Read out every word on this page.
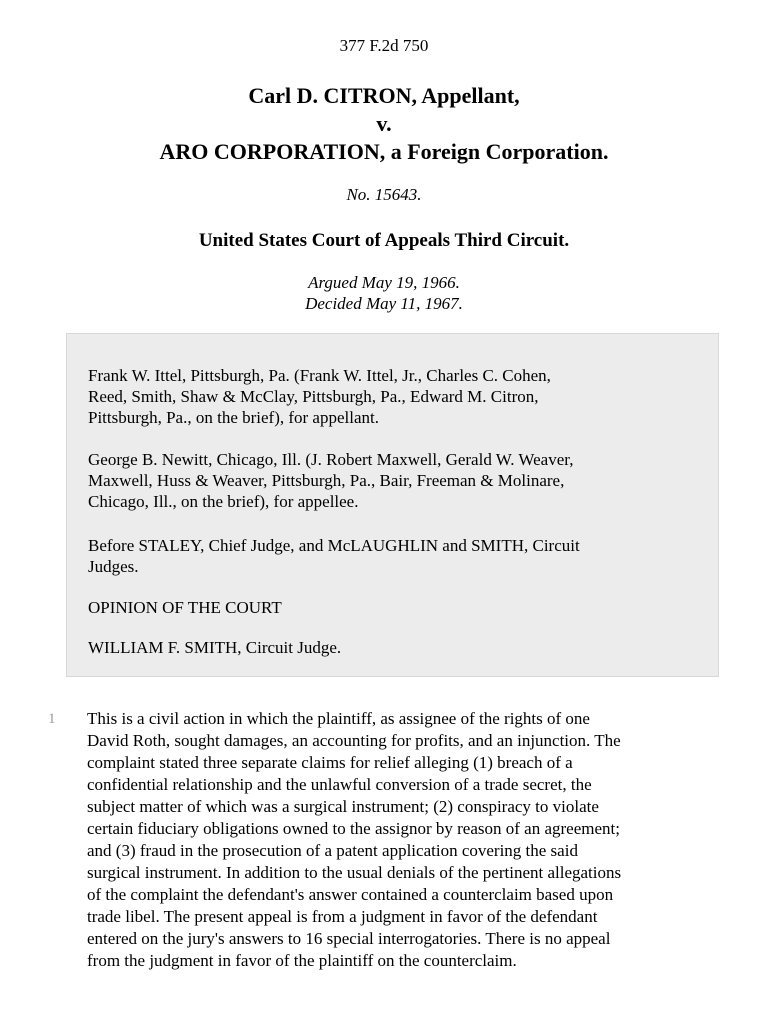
377 F.2d 750
Carl D. CITRON, Appellant,
v.
ARO CORPORATION, a Foreign Corporation.
No. 15643.
United States Court of Appeals Third Circuit.
Argued May 19, 1966.
Decided May 11, 1967.
Frank W. Ittel, Pittsburgh, Pa. (Frank W. Ittel, Jr., Charles C. Cohen,
Reed, Smith, Shaw & McClay, Pittsburgh, Pa., Edward M. Citron,
Pittsburgh, Pa., on the brief), for appellant.
George B. Newitt, Chicago, Ill. (J. Robert Maxwell, Gerald W. Weaver,
Maxwell, Huss & Weaver, Pittsburgh, Pa., Bair, Freeman & Molinare,
Chicago, Ill., on the brief), for appellee.
Before STALEY, Chief Judge, and McLAUGHLIN and SMITH, Circuit
Judges.
OPINION OF THE COURT
WILLIAM F. SMITH, Circuit Judge.
1 This is a civil action in which the plaintiff, as assignee of the rights of one
David Roth, sought damages, an accounting for profits, and an injunction. The
complaint stated three separate claims for relief alleging (1) breach of a
confidential relationship and the unlawful conversion of a trade secret, the
subject matter of which was a surgical instrument; (2) conspiracy to violate
certain fiduciary obligations owned to the assignor by reason of an agreement;
and (3) fraud in the prosecution of a patent application covering the said
surgical instrument. In addition to the usual denials of the pertinent allegations
of the complaint the defendant's answer contained a counterclaim based upon
trade libel. The present appeal is from a judgment in favor of the defendant
entered on the jury's answers to 16 special interrogatories. There is no appeal
from the judgment in favor of the plaintiff on the counterclaim.
